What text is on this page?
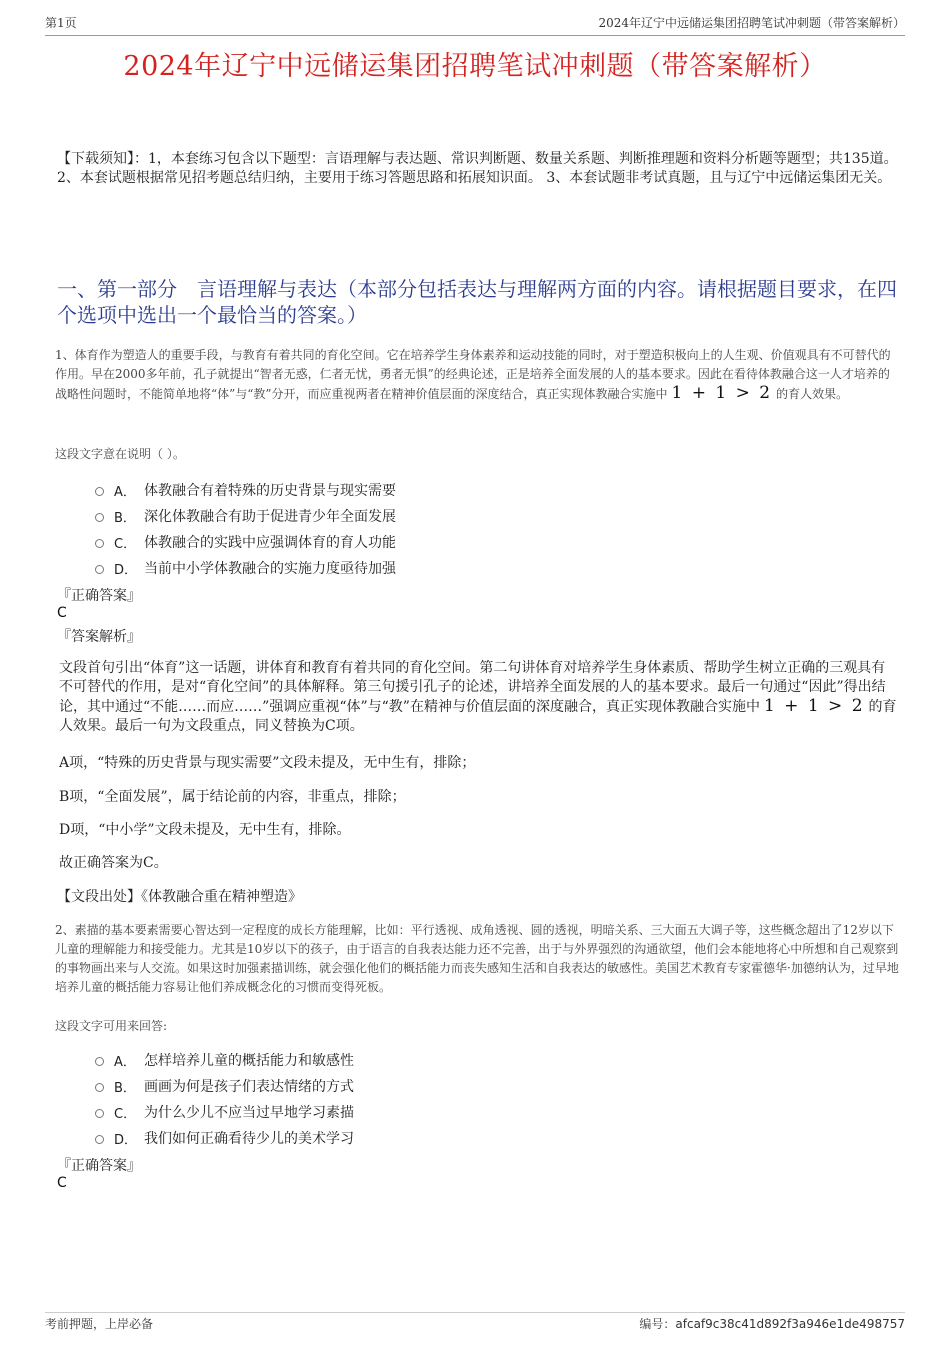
第1页	2024年辽宁中远储运集团招聘笔试冲刺题（带答案解析）
2024年辽宁中远储运集团招聘笔试冲刺题（带答案解析）
【下载须知】：1，本套练习包含以下题型：言语理解与表达题、常识判断题、数量关系题、判断推理题和资料分析题等题型；共135道。 2、本套试题根据常见招考题总结归纳，主要用于练习答题思路和拓展知识面。 3、本套试题非考试真题，且与辽宁中远储运集团无关。
一、第一部分　言语理解与表达（本部分包括表达与理解两方面的内容。请根据题目要求，在四个选项中选出一个最恰当的答案。）
1、体育作为塑造人的重要手段，与教育有着共同的育化空间。它在培养学生身体素养和运动技能的同时，对于塑造积极向上的人生观、价值观具有不可替代的作用。早在2000多年前，孔子就提出“智者无惑，仁者无忧，勇者无惧”的经典论述，正是培养全面发展的人的基本要求。因此在看待体教融合这一人才培养的战略性问题时，不能简单地将“体”与“教”分开，而应重视两者在精神价值层面的深度结合，真正实现体教融合实施中 1 + 1 > 2 的育人效果。
这段文字意在说明（ ）。
A． 体教融合有着特殊的历史背景与现实需要
B． 深化体教融合有助于促进青少年全面发展
C． 体教融合的实践中应强调体育的育人功能
D． 当前中小学体教融合的实施力度亟待加强
『正确答案』
C
『答案解析』
文段首句引出“体育”这一话题，讲体育和教育有着共同的育化空间。第二句讲体育对培养学生身体素质、帮助学生树立正确的三观具有不可替代的作用，是对“育化空间”的具体解释。第三句援引孔子的论述，讲培养全面发展的人的基本要求。最后一句通过“因此”得出结论，其中通过“不能……而应……”强调应重视“体”与“教”在精神与价值层面的深度融合，真正实现体教融合实施中 1 + 1 > 2 的育人效果。最后一句为文段重点，同义替换为C项。
A项，“特殊的历史背景与现实需要”文段未提及，无中生有，排除；
B项，“全面发展”，属于结论前的内容，非重点，排除；
D项，“中小学”文段未提及，无中生有，排除。
故正确答案为C。
【文段出处】《体教融合重在精神塑造》
2、素描的基本要素需要心智达到一定程度的成长方能理解，比如：平行透视、成角透视、圆的透视，明暗关系、三大面五大调子等，这些概念超出了12岁以下儿童的理解能力和接受能力。尤其是10岁以下的孩子，由于语言的自我表达能力还不完善，出于与外界强烈的沟通欲望，他们会本能地将心中所想和自己观察到的事物画出来与人交流。如果这时加强素描训练，就会强化他们的概括能力而丧失感知生活和自我表达的敏感性。美国艺术教育专家霍德华·加德纳认为，过早地培养儿童的概括能力容易让他们养成概念化的习惯而变得死板。
这段文字可用来回答:
A． 怎样培养儿童的概括能力和敏感性
B． 画画为何是孩子们表达情绪的方式
C． 为什么少儿不应当过早地学习素描
D． 我们如何正确看待少儿的美术学习
『正确答案』
C
考前押题，上岸必备	编号：afcaf9c38c41d892f3a946e1de498757
